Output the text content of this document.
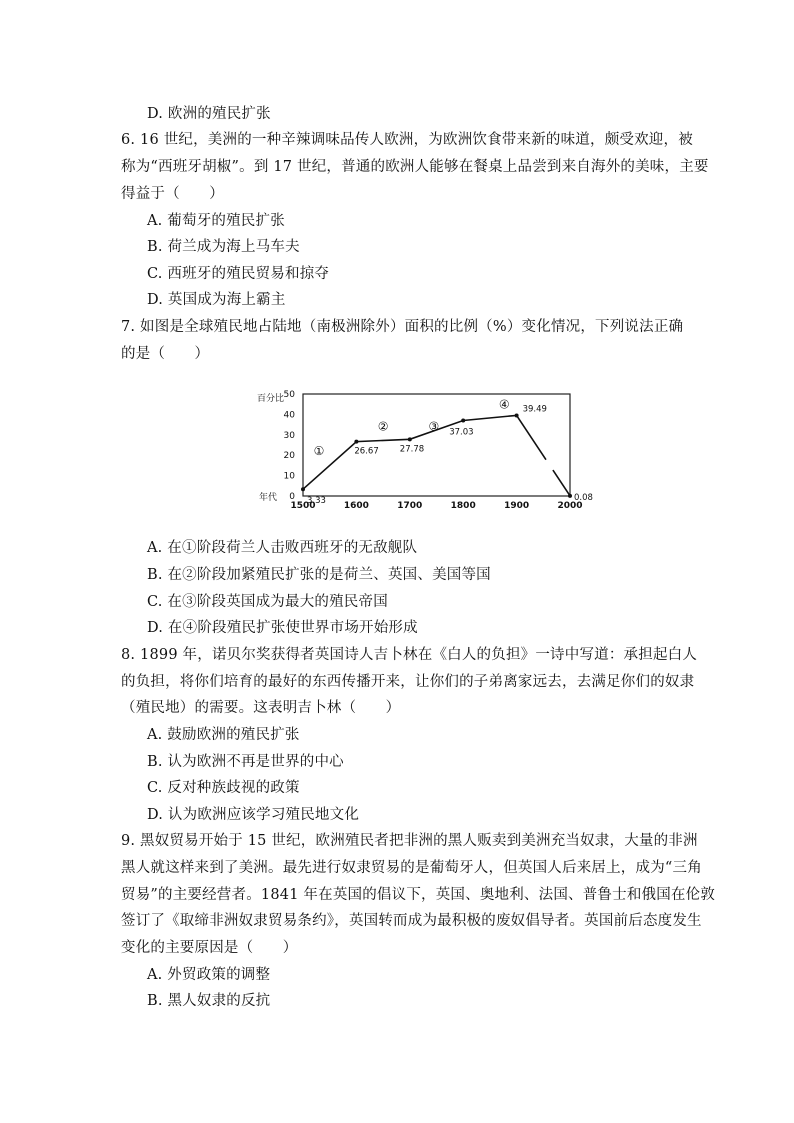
D. 欧洲的殖民扩张
6. 16 世纪，美洲的一种辛辣调味品传人欧洲，为欧洲饮食带来新的味道，颇受欢迎，被
称为“西班牙胡椒”。到 17 世纪，普通的欧洲人能够在餐桌上品尝到来自海外的美味，主要
得益于（　　）
A. 葡萄牙的殖民扩张
B. 荷兰成为海上马车夫
C. 西班牙的殖民贸易和掠夺
D. 英国成为海上霸主
7. 如图是全球殖民地占陆地（南极洲除外）面积的比例（%）变化情况，下列说法正确
的是（　　）
0
10
20
30
40
50
百分比
年代
1500	1600	1700	1800	1900	2000
3.33
26.67 27.78
37.03
39.49
0.08
①
②	③
④
A. 在①阶段荷兰人击败西班牙的无敌舰队
B. 在②阶段加紧殖民扩张的是荷兰、英国、美国等国
C. 在③阶段英国成为最大的殖民帝国
D. 在④阶段殖民扩张使世界市场开始形成
8. 1899 年，诺贝尔奖获得者英国诗人吉卜林在《白人的负担》一诗中写道：承担起白人
的负担，将你们培育的最好的东西传播开来，让你们的子弟离家远去，去满足你们的奴隶
（殖民地）的需要。这表明吉卜林（　　）
A. 鼓励欧洲的殖民扩张
B. 认为欧洲不再是世界的中心
C. 反对种族歧视的政策
D. 认为欧洲应该学习殖民地文化
9. 黑奴贸易开始于 15 世纪，欧洲殖民者把非洲的黑人贩卖到美洲充当奴隶，大量的非洲
黑人就这样来到了美洲。最先进行奴隶贸易的是葡萄牙人，但英国人后来居上，成为“三角
贸易”的主要经营者。1841 年在英国的倡议下，英国、奥地利、法国、普鲁士和俄国在伦敦
签订了《取缔非洲奴隶贸易条约》，英国转而成为最积极的废奴倡导者。英国前后态度发生
变化的主要原因是（　　）
A. 外贸政策的调整
B. 黑人奴隶的反抗
